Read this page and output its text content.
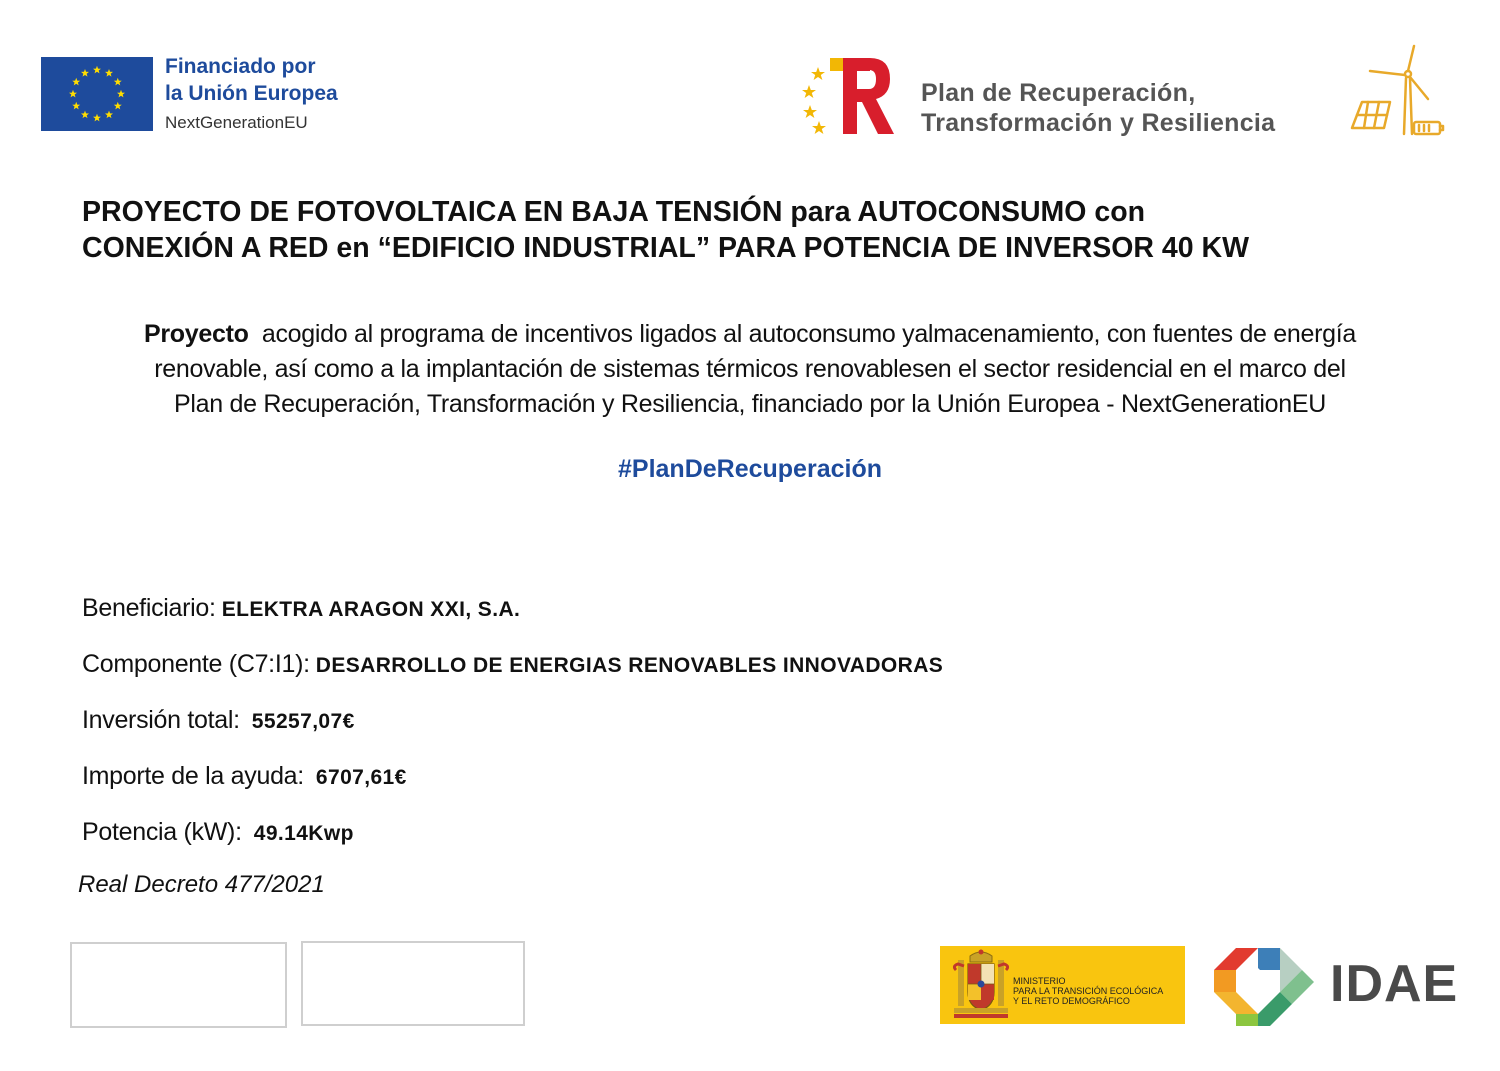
Financiado por
la Unión Europea
NextGenerationEU
Plan de Recuperación,
Transformación y Resiliencia
PROYECTO DE FOTOVOLTAICA EN BAJA TENSIÓN para AUTOCONSUMO con
CONEXIÓN A RED en “EDIFICIO INDUSTRIAL” PARA POTENCIA DE INVERSOR 40 KW
Proyecto  acogido al programa de incentivos ligados al autoconsumo yalmacenamiento, con fuentes de energía
renovable, así como a la implantación de sistemas térmicos renovablesen el sector residencial en el marco del
Plan de Recuperación, Transformación y Resiliencia, financiado por la Unión Europea - NextGenerationEU
#PlanDeRecuperación
Beneficiario: ELEKTRA ARAGON XXI, S.A.
Componente (C7:I1): DESARROLLO DE ENERGIAS RENOVABLES INNOVADORAS
Inversión total: 55257,07€
Importe de la ayuda: 6707,61€
Potencia (kW): 49.14Kwp
Real Decreto 477/2021
MINISTERIO
PARA LA TRANSICIÓN ECOLÓGICA
Y EL RETO DEMOGRÁFICO	IDAE
